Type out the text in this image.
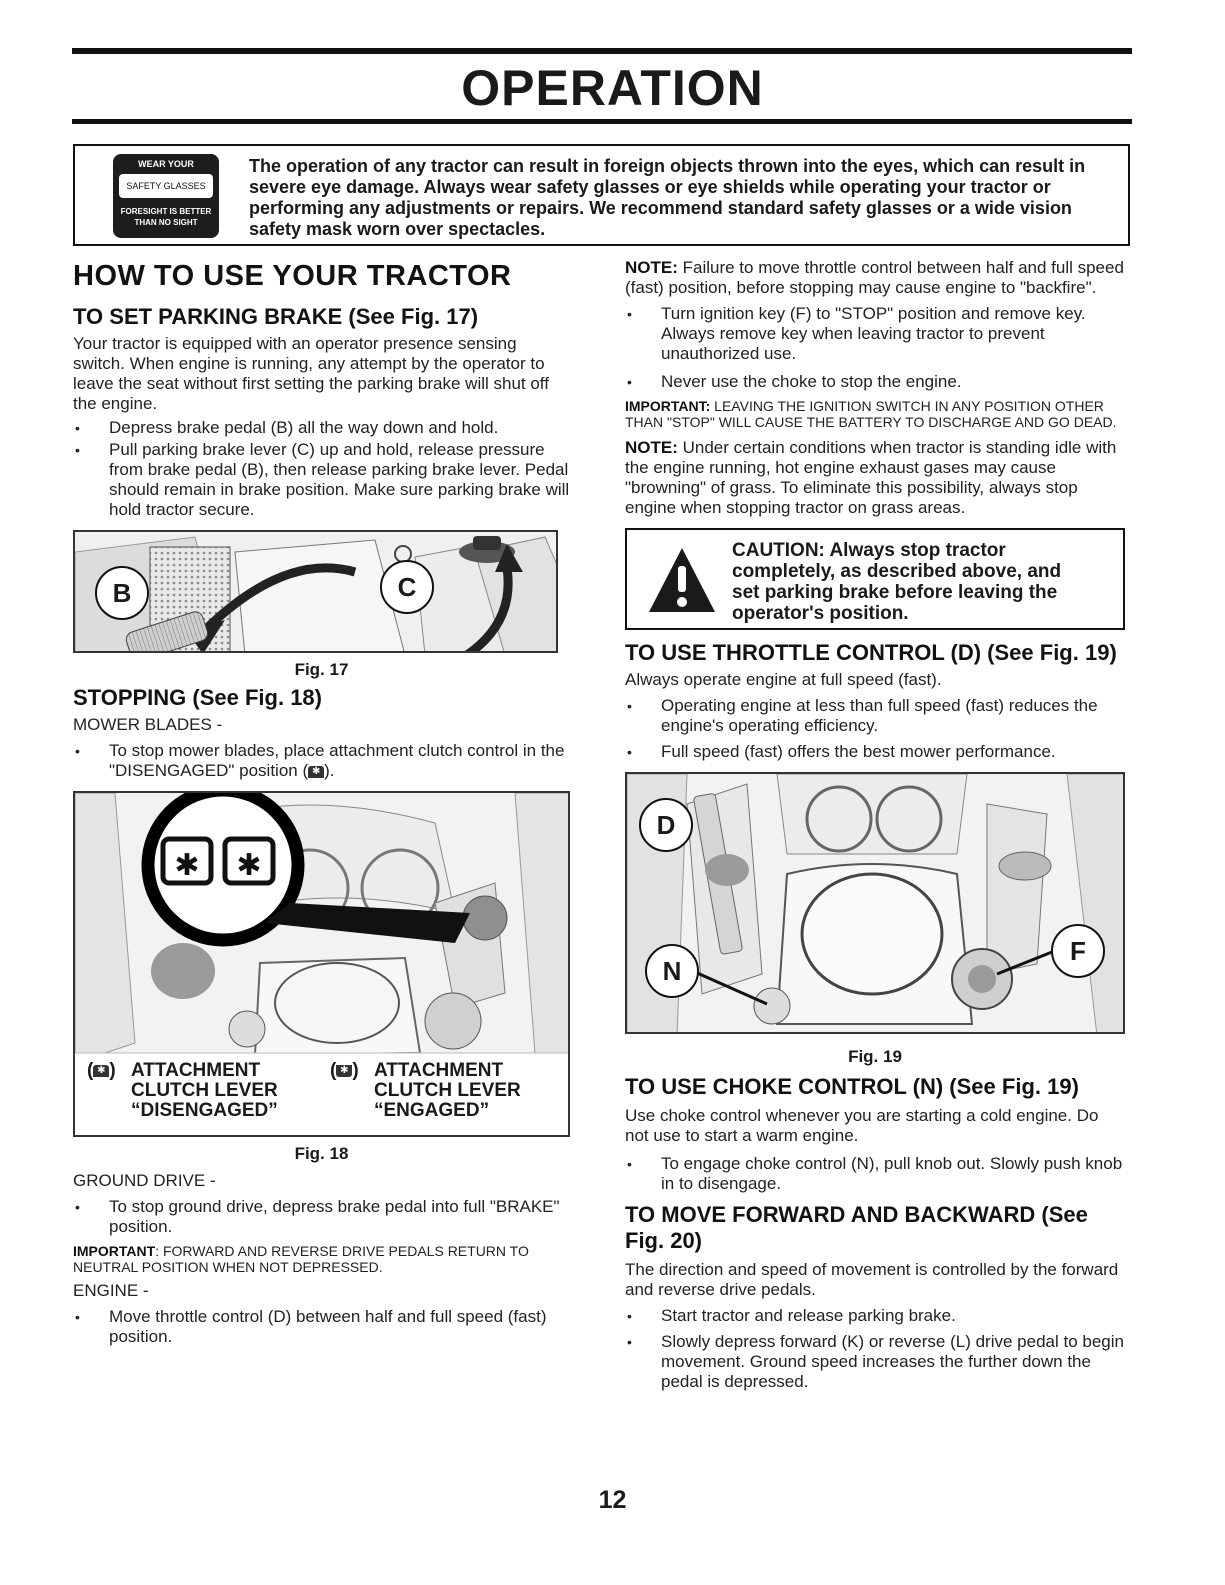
OPERATION
WEAR YOUR
SAFETY GLASSES
FORESIGHT IS BETTER
THAN NO SIGHT

The operation of any tractor can result in foreign objects thrown into the eyes, which can result in severe eye damage. Always wear safety glasses or eye shields while operating your tractor or performing any adjustments or repairs. We recommend standard safety glasses or a wide vision safety mask worn over spectacles.

HOW TO USE YOUR TRACTOR
TO SET PARKING BRAKE (See Fig. 17)

Your tractor is equipped with an operator presence sensing switch. When engine is running, any attempt by the operator to leave the seat without first setting the parking brake will shut off the engine.

• Depress brake pedal (B) all the way down and hold.
• Pull parking brake lever (C) up and hold, release pressure from brake pedal (B), then release parking brake lever. Pedal should remain in brake position. Make sure parking brake will hold tractor secure.
B	C

Fig. 17

STOPPING (See Fig. 18)

MOWER BLADES -

• To stop mower blades, place attachment clutch control in the "DISENGAGED" position ( ✱ ).
✱ ✱
( ✱ ) ATTACHMENT
CLUTCH LEVER
“DISENGAGED”
( ✱ ) ATTACHMENT
CLUTCH LEVER
“ENGAGED”

Fig. 18

GROUND DRIVE -

• To stop ground drive, depress brake pedal into full "BRAKE" position.

IMPORTANT: FORWARD AND REVERSE DRIVE PEDALS RETURN TO NEUTRAL POSITION WHEN NOT DEPRESSED.

ENGINE -

• Move throttle control (D) between half and full speed (fast) position.

NOTE: Failure to move throttle control between half and full speed (fast) position, before stopping may cause engine to "backfire".

• Turn ignition key (F) to "STOP" position and remove key. Always remove key when leaving tractor to prevent unauthorized use.
• Never use the choke to stop the engine.

IMPORTANT: LEAVING THE IGNITION SWITCH IN ANY POSITION OTHER THAN "STOP" WILL CAUSE THE BATTERY TO DISCHARGE AND GO DEAD.

NOTE: Under certain conditions when tractor is standing idle with the engine running, hot engine exhaust gases may cause "browning" of grass. To eliminate this possibility, always stop engine when stopping tractor on grass areas.

CAUTION: Always stop tractor completely, as described above, and set parking brake before leaving the operator's position.

TO USE THROTTLE CONTROL (D) (See Fig. 19)

Always operate engine at full speed (fast).

• Operating engine at less than full speed (fast) reduces the engine's operating efficiency.
• Full speed (fast) offers the best mower performance.
D
N
F

Fig. 19

TO USE CHOKE CONTROL (N) (See Fig. 19)

Use choke control whenever you are starting a cold engine. Do not use to start a warm engine.

• To engage choke control (N), pull knob out. Slowly push knob in to disengage.
TO MOVE FORWARD AND BACKWARD (See Fig. 20)

The direction and speed of movement is controlled by the forward and reverse drive pedals.

• Start tractor and release parking brake.
• Slowly depress forward (K) or reverse (L) drive pedal to begin movement. Ground speed increases the further down the pedal is depressed.

12
